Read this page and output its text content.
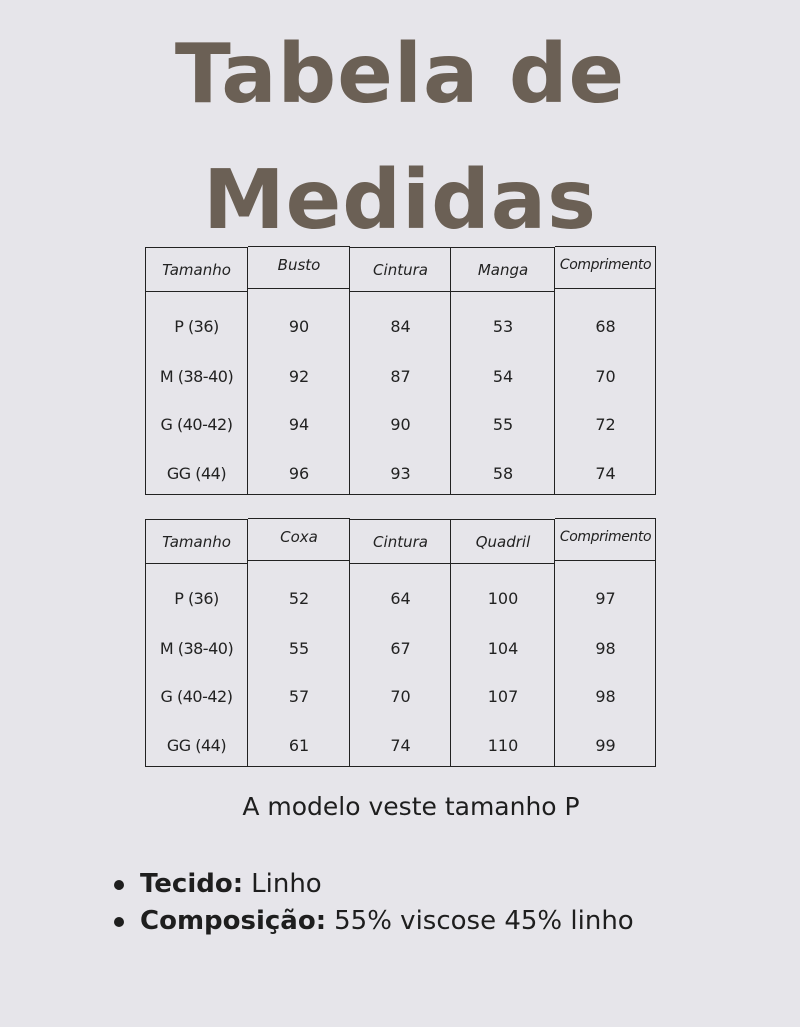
Tabela de
Medidas
Tamanho
P (36)
M (38-40)
G (40-42)
GG (44)
Busto
90
92
94
96
Cintura
84
87
90
93
Manga
53
54
55
58
Comprimento
68
70
72
74
Tamanho
P (36)
M (38-40)
G (40-42)
GG (44)
Coxa
52
55
57
61
Cintura
64
67
70
74
Quadril
100
104
107
110
Comprimento
97
98
98
99
A modelo veste tamanho P
Tecido: Linho
Composição: 55% viscose 45% linho
